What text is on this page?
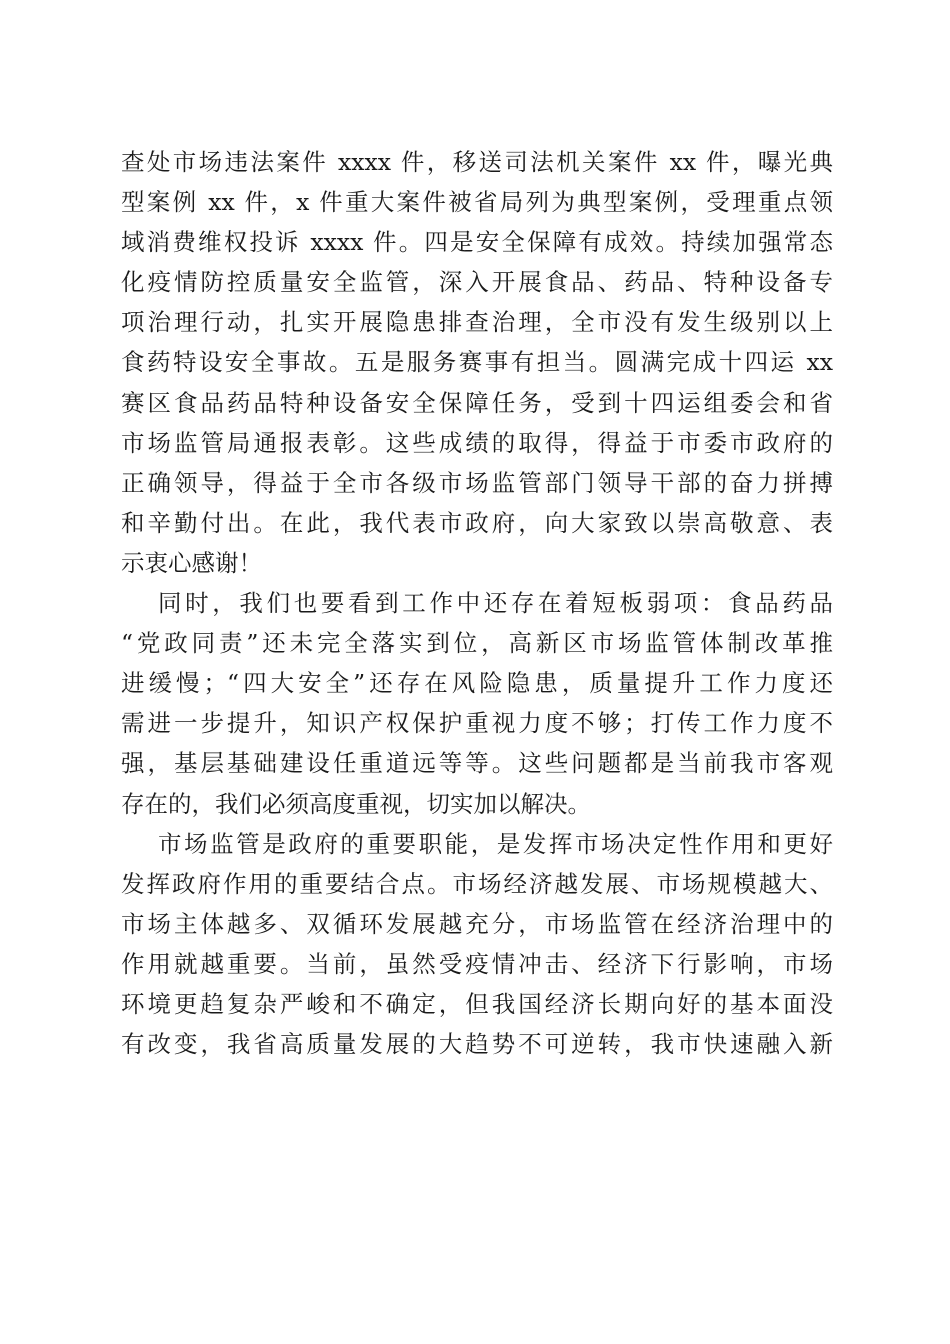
查处市场违法案件 xxxx 件，移送司法机关案件 xx 件，曝光典
型案例 xx 件，x 件重大案件被省局列为典型案例，受理重点领
域消费维权投诉 xxxx 件。四是安全保障有成效。持续加强常态
化疫情防控质量安全监管，深入开展食品、药品、特种设备专
项治理行动，扎实开展隐患排查治理，全市没有发生级别以上
食药特设安全事故。五是服务赛事有担当。圆满完成十四运 xx
赛区食品药品特种设备安全保障任务，受到十四运组委会和省
市场监管局通报表彰。这些成绩的取得，得益于市委市政府的
正确领导，得益于全市各级市场监管部门领导干部的奋力拼搏
和辛勤付出。在此，我代表市政府，向大家致以崇高敬意、表
示衷心感谢！
同时，我们也要看到工作中还存在着短板弱项：食品药品
“党政同责”还未完全落实到位，高新区市场监管体制改革推
进缓慢；“四大安全”还存在风险隐患，质量提升工作力度还
需进一步提升，知识产权保护重视力度不够；打传工作力度不
强，基层基础建设任重道远等等。这些问题都是当前我市客观
存在的，我们必须高度重视，切实加以解决。
市场监管是政府的重要职能，是发挥市场决定性作用和更好
发挥政府作用的重要结合点。市场经济越发展、市场规模越大、
市场主体越多、双循环发展越充分，市场监管在经济治理中的
作用就越重要。当前，虽然受疫情冲击、经济下行影响，市场
环境更趋复杂严峻和不确定，但我国经济长期向好的基本面没
有改变，我省高质量发展的大趋势不可逆转，我市快速融入新
